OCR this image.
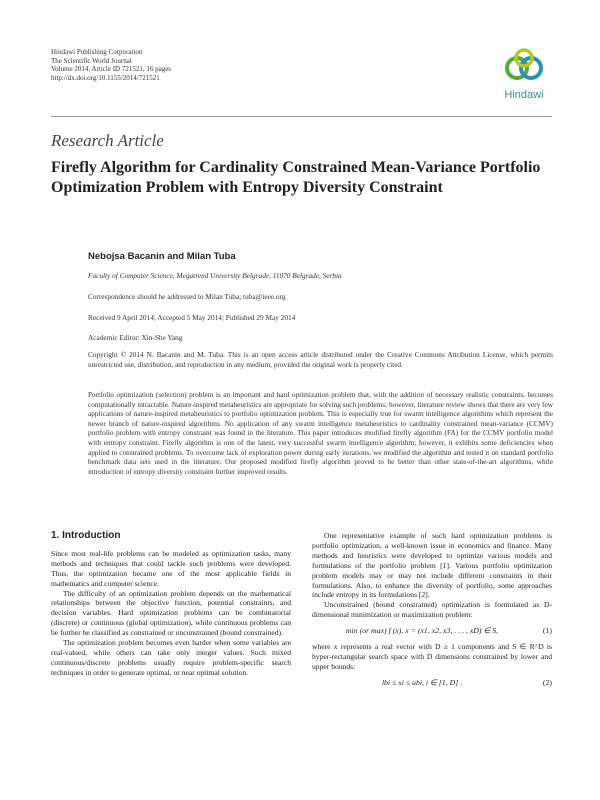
Hindawi Publishing Corporation
The Scientific World Journal
Volume 2014, Article ID 721521, 16 pages
http://dx.doi.org/10.1155/2014/721521
Hindawi
Research Article
Firefly Algorithm for Cardinality Constrained Mean-Variance Portfolio Optimization Problem with Entropy Diversity Constraint
Nebojsa Bacanin and Milan Tuba
Faculty of Computer Science, Megatrend University Belgrade, 11070 Belgrade, Serbia
Correspondence should be addressed to Milan Tuba; tuba@ieee.org
Received 9 April 2014; Accepted 5 May 2014; Published 29 May 2014
Academic Editor: Xin-She Yang
Copyright © 2014 N. Bacanin and M. Tuba. This is an open access article distributed under the Creative Commons Attribution License, which permits unrestricted use, distribution, and reproduction in any medium, provided the original work is properly cited.
Portfolio optimization (selection) problem is an important and hard optimization problem that, with the addition of necessary realistic constraints, becomes computationally intractable. Nature-inspired metaheuristics are appropriate for solving such problems; however, literature review shows that there are very few applications of nature-inspired metaheuristics to portfolio optimization problem. This is especially true for swarm intelligence algorithms which represent the newer branch of nature-inspired algorithms. No application of any swarm intelligence metaheuristics to cardinality constrained mean-variance (CCMV) portfolio problem with entropy constraint was found in the literature. This paper introduces modified firefly algorithm (FA) for the CCMV portfolio model with entropy constraint. Firefly algorithm is one of the latest, very successful swarm intelligence algorithm; however, it exhibits some deficiencies when applied to constrained problems. To overcome lack of exploration power during early iterations, we modified the algorithm and tested it on standard portfolio benchmark data sets used in the literature. Our proposed modified firefly algorithm proved to be better than other state-of-the-art algorithms, while introduction of entropy diversity constraint further improved results.
1. Introduction

Since most real-life problems can be modeled as optimization tasks, many methods and techniques that could tackle such problems were developed. Thus, the optimization became one of the most applicable fields in mathematics and computer science.

The difficulty of an optimization problem depends on the mathematical relationships between the objective function, potential constraints, and decision variables. Hard optimization problems can be combinatorial (discrete) or continuous (global optimization), while continuous problems can be further be classified as constrained or unconstrained (bound constrained).

The optimization problem becomes even harder when some variables are real-valued, while others can take only integer values. Such mixed continuous/discrete problems usually require problem-specific search techniques in order to generate optimal, or near optimal solution.

One representative example of such hard optimization problems is portfolio optimization, a well-known issue in economics and finance. Many methods and heuristics were developed to optimize various models and formulations of the portfolio problem [1]. Various portfolio optimization problem models may or may not include different constraints in their formulations. Also, to enhance the diversity of portfolio, some approaches include entropy in its formulations [2].

Unconstrained (bound constrained) optimization is formulated as D-dimensional minimization or maximization problem:

min (or max) f (x), x = (x1, x2, x3, . . . , xD) ∈ S,	(1)

where x represents a real vector with D ≥ 1 components and S ∈ R^D is hyper-rectangular search space with D dimensions constrained by lower and upper bounds:

lbi ≤ xi ≤ ubi, i ∈ [1, D] .	(2)
